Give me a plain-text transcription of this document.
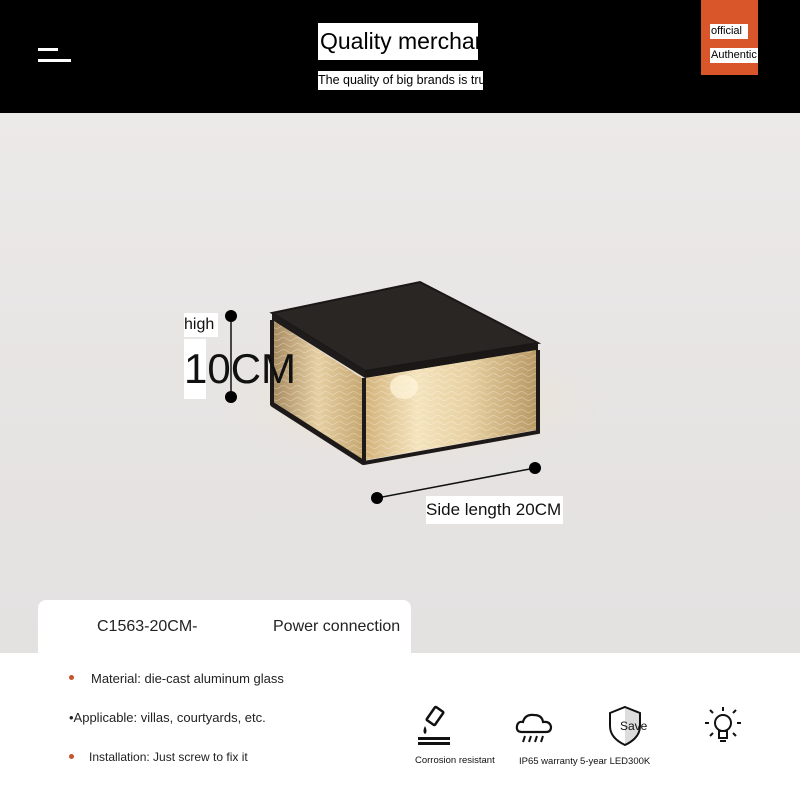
Quality merchandise
The quality of big brands is trustworthy
official
Authentic
high
10CM
Side length 20CM
C1563-20CM-	Power connection
Material: die-cast aluminum glass
•Applicable: villas, courtyards, etc.
Installation: Just screw to fix it
Save
Corrosion resistant	IP65 warranty 5-year LED300K
